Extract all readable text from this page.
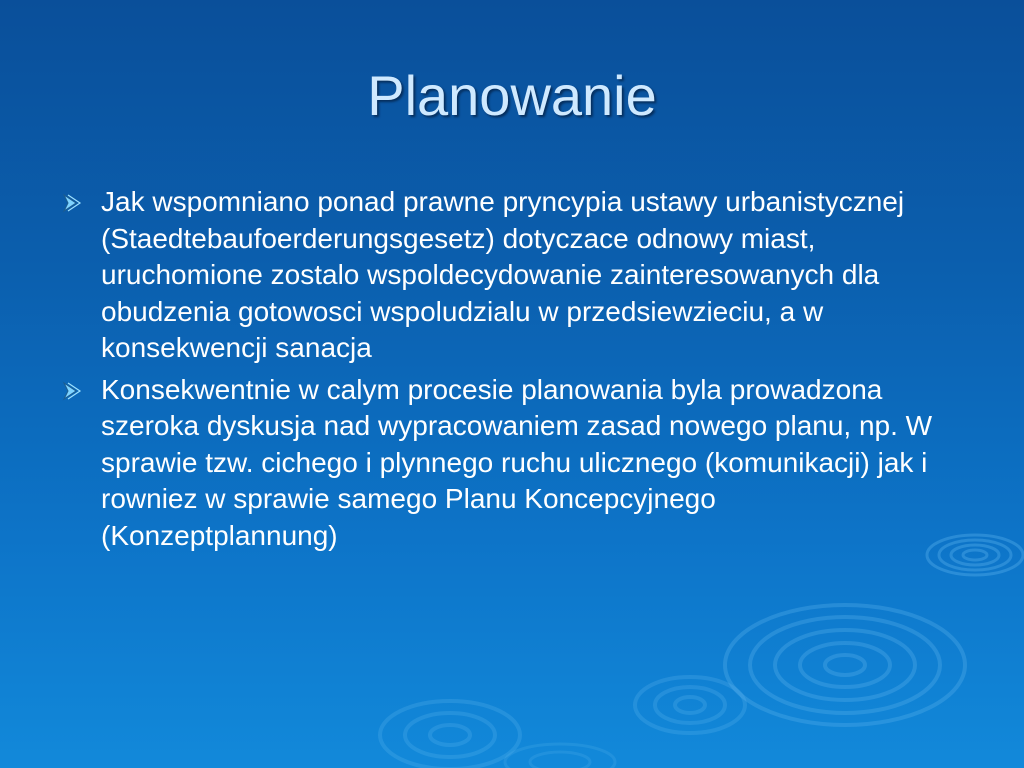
Planowanie
Jak wspomniano ponad prawne pryncypia ustawy urbanistycznej (Staedtebaufoerderungsgesetz) dotyczace odnowy miast, uruchomione zostalo wspoldecydowanie zainteresowanych dla obudzenia gotowosci wspoludzialu w przedsiewzieciu, a w konsekwencji sanacja
Konsekwentnie w calym procesie planowania byla prowadzona szeroka dyskusja nad wypracowaniem zasad nowego planu, np. W sprawie tzw. cichego i plynnego ruchu ulicznego (komunikacji) jak i rowniez w sprawie samego Planu Koncepcyjnego (Konzeptplannung)
